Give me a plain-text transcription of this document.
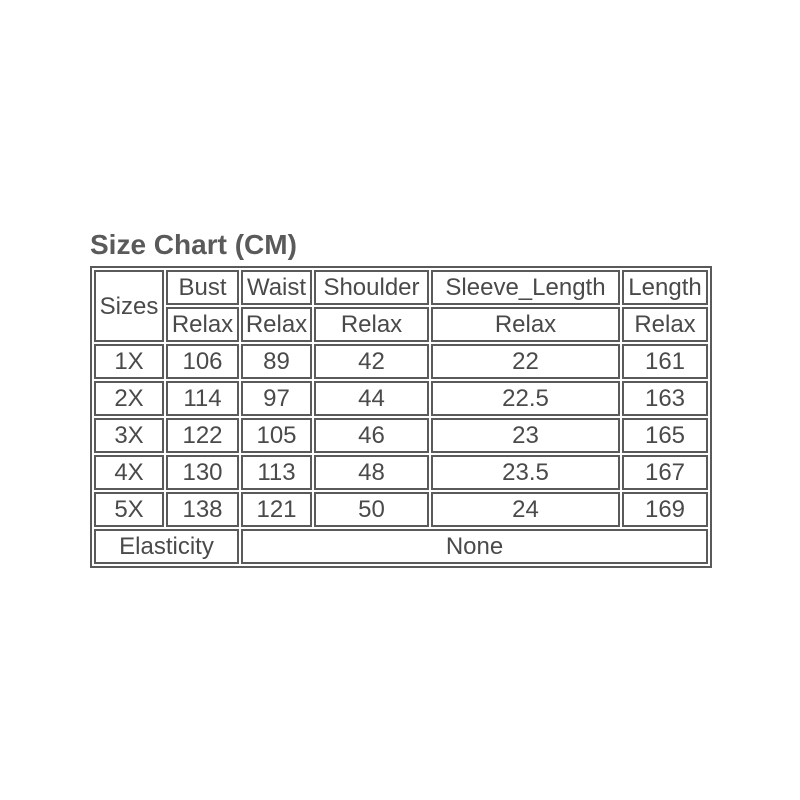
Size Chart (CM)
Sizes	Bust	Waist	Shoulder	Sleeve_Length	Length
	Relax	Relax	Relax	Relax	Relax
1X	106	89	42	22	161
2X	114	97	44	22.5	163
3X	122	105	46	23	165
4X	130	113	48	23.5	167
5X	138	121	50	24	169
Elasticity		None			
